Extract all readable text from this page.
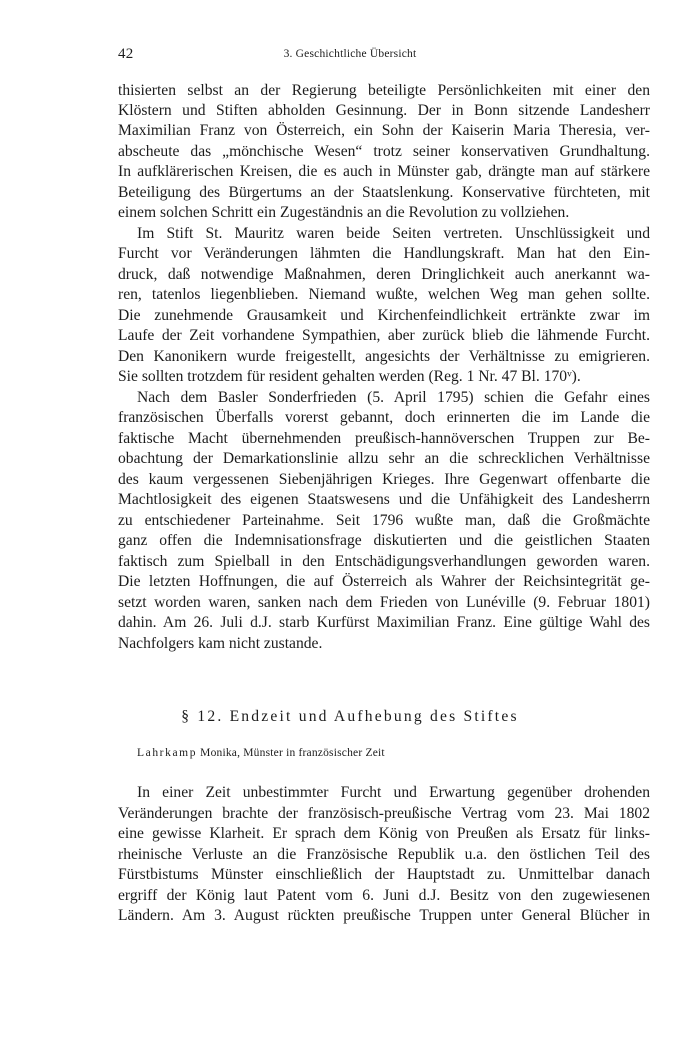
42	3. Geschichtliche Übersicht
thisierten selbst an der Regierung beteiligte Persönlichkeiten mit einer den
Klöstern und Stiften abholden Gesinnung. Der in Bonn sitzende Landesherr
Maximilian Franz von Österreich, ein Sohn der Kaiserin Maria Theresia, ver-
abscheute das „mönchische Wesen“ trotz seiner konservativen Grundhaltung.
In aufklärerischen Kreisen, die es auch in Münster gab, drängte man auf stärkere
Beteiligung des Bürgertums an der Staatslenkung. Konservative fürchteten, mit
einem solchen Schritt ein Zugeständnis an die Revolution zu vollziehen.
Im Stift St. Mauritz waren beide Seiten vertreten. Unschlüssigkeit und
Furcht vor Veränderungen lähmten die Handlungskraft. Man hat den Ein-
druck, daß notwendige Maßnahmen, deren Dringlichkeit auch anerkannt wa-
ren, tatenlos liegenblieben. Niemand wußte, welchen Weg man gehen sollte.
Die zunehmende Grausamkeit und Kirchenfeindlichkeit ertränkte zwar im
Laufe der Zeit vorhandene Sympathien, aber zurück blieb die lähmende Furcht.
Den Kanonikern wurde freigestellt, angesichts der Verhältnisse zu emigrieren.
Sie sollten trotzdem für resident gehalten werden (Reg. 1 Nr. 47 Bl. 170ᵛ).
Nach dem Basler Sonderfrieden (5. April 1795) schien die Gefahr eines
französischen Überfalls vorerst gebannt, doch erinnerten die im Lande die
faktische Macht übernehmenden preußisch-hannöverschen Truppen zur Be-
obachtung der Demarkationslinie allzu sehr an die schrecklichen Verhältnisse
des kaum vergessenen Siebenjährigen Krieges. Ihre Gegenwart offenbarte die
Machtlosigkeit des eigenen Staatswesens und die Unfähigkeit des Landesherrn
zu entschiedener Parteinahme. Seit 1796 wußte man, daß die Großmächte
ganz offen die Indemnisationsfrage diskutierten und die geistlichen Staaten
faktisch zum Spielball in den Entschädigungsverhandlungen geworden waren.
Die letzten Hoffnungen, die auf Österreich als Wahrer der Reichsintegrität ge-
setzt worden waren, sanken nach dem Frieden von Lunéville (9. Februar 1801)
dahin. Am 26. Juli d.J. starb Kurfürst Maximilian Franz. Eine gültige Wahl des
Nachfolgers kam nicht zustande.
§ 12. Endzeit und Aufhebung des Stiftes
Lahrkamp Monika, Münster in französischer Zeit
In einer Zeit unbestimmter Furcht und Erwartung gegenüber drohenden
Veränderungen brachte der französisch-preußische Vertrag vom 23. Mai 1802
eine gewisse Klarheit. Er sprach dem König von Preußen als Ersatz für links-
rheinische Verluste an die Französische Republik u.a. den östlichen Teil des
Fürstbistums Münster einschließlich der Hauptstadt zu. Unmittelbar danach
ergriff der König laut Patent vom 6. Juni d.J. Besitz von den zugewiesenen
Ländern. Am 3. August rückten preußische Truppen unter General Blücher in
